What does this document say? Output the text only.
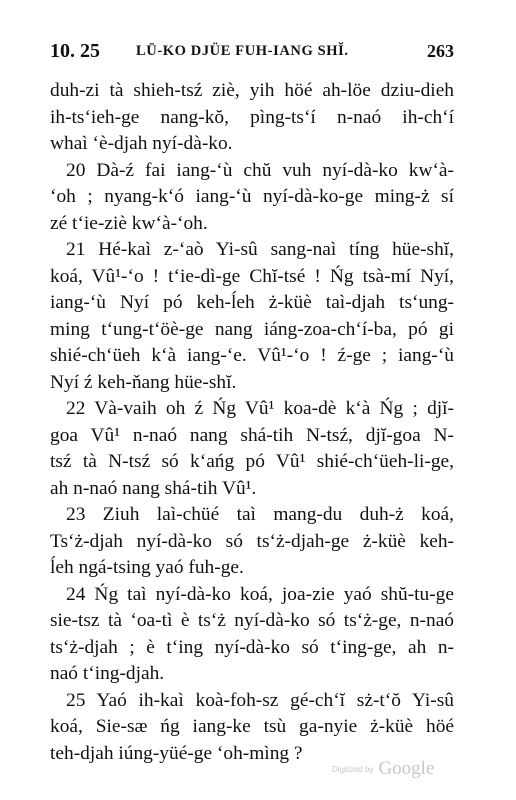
10. 25 LŪ-KO DJÜE FUH-IANG SHĬ.	263
duh-zi tà shieh-tsź ziè, yih höé ah-löe dziu-dieh
ih-tsʻieh-ge nang-kŏ, pìng-tsʻí n-naó ih-chʻí
whaì ʻè-djah nyí-dà-ko.
20 Dà-ź fai iang-ʻù chŭ vuh nyí-dà-ko kwʻà-
ʻoh ; nyang-kʻó iang-ʻù nyí-dà-ko-ge ming-ż sí
zé tʻie-ziè kwʻà-ʻoh.
21 Hé-kaì z-ʻaò Yi-sû sang-naì tíng hüe-shĭ,
koá, Vû¹-ʻo ! tʻie-dì-ge Chĭ-tsé ! Ńg tsà-mí Nyí,
iang-ʻù Nyí pó keh-ĺeh ż-küè taì-djah tsʻung-
ming tʻung-tʻöè-ge nang iáng-zoa-chʻí-ba, pó gi
shié-chʻüeh kʻà iang-ʻe. Vû¹-ʻo ! ź-ge ; iang-ʻù
Nyí ź keh-ňang hüe-shĭ.
22 Và-vaih oh ź Ńg Vû¹ koa-dè kʻà Ńg ; djĭ-
goa Vû¹ n-naó nang shá-tih N-tsź, djĭ-goa N-
tsź tà N-tsź só kʻańg pó Vû¹ shié-chʻüeh-li-ge,
ah n-naó nang shá-tih Vû¹.
23 Ziuh laì-chüé taì mang-du duh-ż koá,
Tsʻż-djah nyí-dà-ko só tsʻż-djah-ge ż-küè keh-
ĺeh ngá-tsing yaó fuh-ge.
24 Ńg taì nyí-dà-ko koá, joa-zie yaó shŭ-tu-ge
sie-tsz tà ʻoa-tì è tsʻż nyí-dà-ko só tsʻż-ge, n-naó
tsʻż-djah ; è tʻing nyí-dà-ko só tʻing-ge, ah n-
naó tʻing-djah.
25 Yaó ih-kaì koà-foh-sz gé-chʻĭ sż-tʻŏ Yi-sû
koá, Sie-sæ ńg iang-ke tsù ga-nyie ż-küè höé
teh-djah iúng-yüé-ge ʻoh-mìng ?
Digitized by Google
